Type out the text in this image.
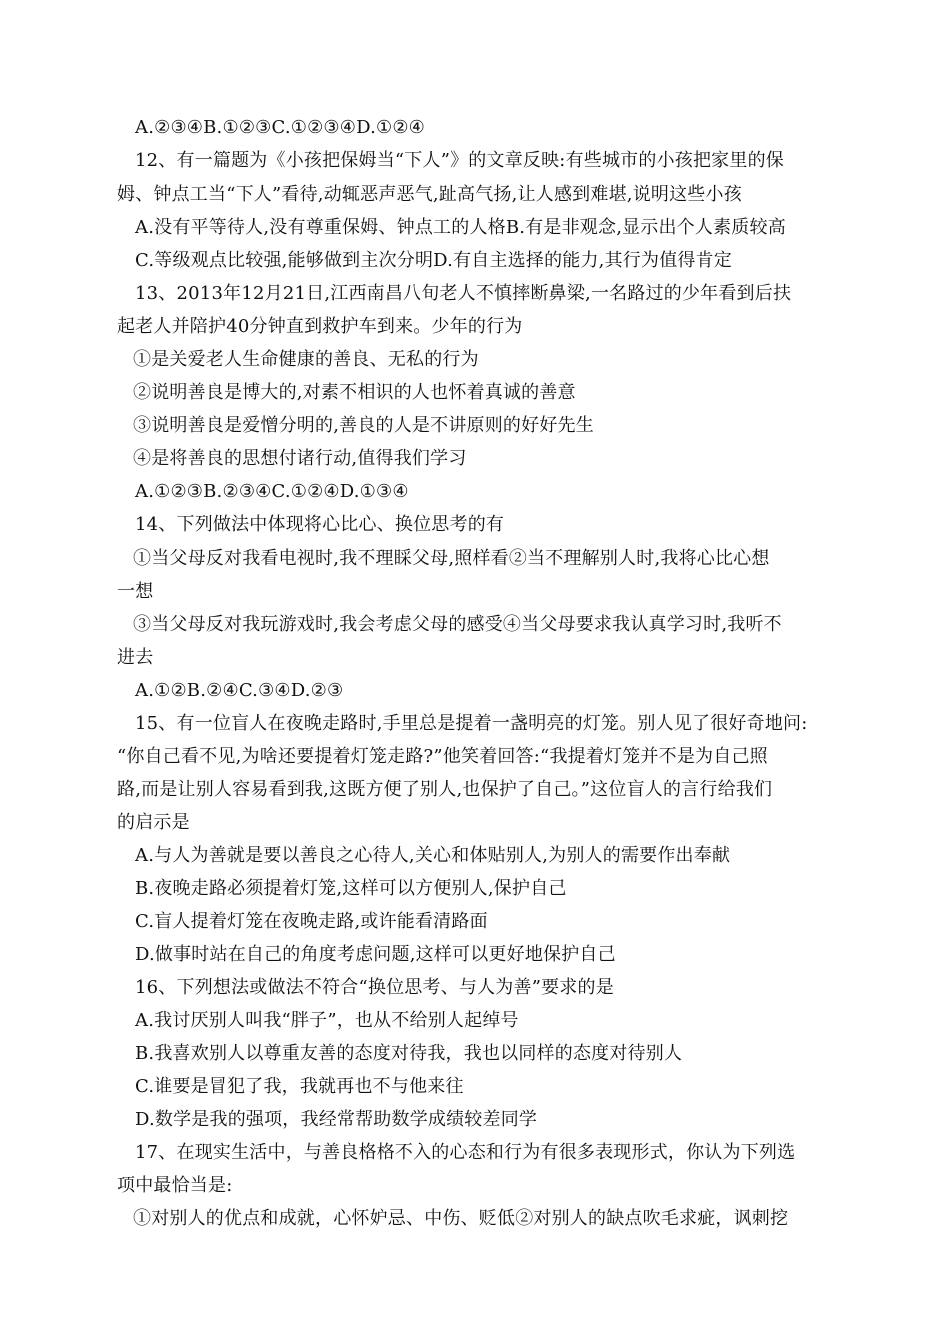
A.②③④B.①②③C.①②③④D.①②④
12、有一篇题为《小孩把保姆当“下人”》的文章反映:有些城市的小孩把家里的保
姆、钟点工当“下人”看待,动辄恶声恶气,趾高气扬,让人感到难堪,说明这些小孩
A.没有平等待人,没有尊重保姆、钟点工的人格B.有是非观念,显示出个人素质较高
C.等级观点比较强,能够做到主次分明D.有自主选择的能力,其行为值得肯定
13、2013年12月21日,江西南昌八旬老人不慎摔断鼻梁,一名路过的少年看到后扶
起老人并陪护40分钟直到救护车到来。少年的行为
①是关爱老人生命健康的善良、无私的行为
②说明善良是博大的,对素不相识的人也怀着真诚的善意
③说明善良是爱憎分明的,善良的人是不讲原则的好好先生
④是将善良的思想付诸行动,值得我们学习
A.①②③B.②③④C.①②④D.①③④
14、下列做法中体现将心比心、换位思考的有
①当父母反对我看电视时,我不理睬父母,照样看②当不理解别人时,我将心比心想
一想
③当父母反对我玩游戏时,我会考虑父母的感受④当父母要求我认真学习时,我听不
进去
A.①②B.②④C.③④D.②③
15、有一位盲人在夜晚走路时,手里总是提着一盏明亮的灯笼。别人见了很好奇地问:
“你自己看不见,为啥还要提着灯笼走路?”他笑着回答:“我提着灯笼并不是为自己照
路,而是让别人容易看到我,这既方便了别人,也保护了自己。”这位盲人的言行给我们
的启示是
A.与人为善就是要以善良之心待人,关心和体贴别人,为别人的需要作出奉献
B.夜晚走路必须提着灯笼,这样可以方便别人,保护自己
C.盲人提着灯笼在夜晚走路,或许能看清路面
D.做事时站在自己的角度考虑问题,这样可以更好地保护自己
16、下列想法或做法不符合“换位思考、与人为善”要求的是
A.我讨厌别人叫我“胖子”，也从不给别人起绰号
B.我喜欢别人以尊重友善的态度对待我，我也以同样的态度对待别人
C.谁要是冒犯了我，我就再也不与他来往
D.数学是我的强项，我经常帮助数学成绩较差同学
17、在现实生活中，与善良格格不入的心态和行为有很多表现形式，你认为下列选
项中最恰当是:
①对别人的优点和成就，心怀妒忌、中伤、贬低②对别人的缺点吹毛求疵，讽刺挖
